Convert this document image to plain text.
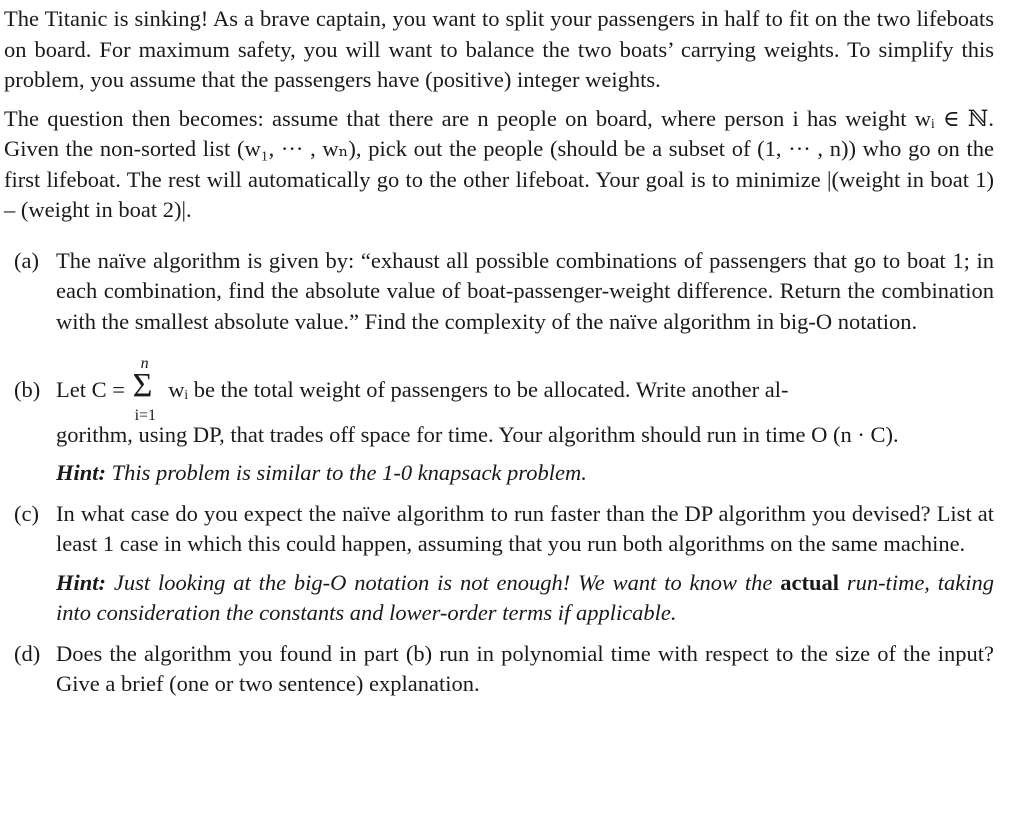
The Titanic is sinking! As a brave captain, you want to split your passengers in half to fit on the two lifeboats on board. For maximum safety, you will want to balance the two boats’ carrying weights. To simplify this problem, you assume that the passengers have (positive) integer weights.

The question then becomes: assume that there are n people on board, where person i has weight wᵢ ∈ ℕ. Given the non-sorted list (w₁, ··· , wₙ), pick out the people (should be a subset of (1, ··· , n)) who go on the first lifeboat. The rest will automatically go to the other lifeboat. Your goal is to minimize |(weight in boat 1) – (weight in boat 2)|.

(a) The naïve algorithm is given by: “exhaust all possible combinations of passengers that go to boat 1; in each combination, find the absolute value of boat-passenger-weight difference. Return the combination with the smallest absolute value.” Find the complexity of the naïve algorithm in big-O notation.

(b) Let C =
n
Σ
i=1
wᵢ be the total weight of passengers to be allocated. Write another al-

gorithm, using DP, that trades off space for time. Your algorithm should run in time O (n · C).

Hint: This problem is similar to the 1-0 knapsack problem.

(c) In what case do you expect the naïve algorithm to run faster than the DP algorithm you devised? List at least 1 case in which this could happen, assuming that you run both algorithms on the same machine.

Hint: Just looking at the big-O notation is not enough! We want to know the actual run-time, taking into consideration the constants and lower-order terms if applicable.

(d) Does the algorithm you found in part (b) run in polynomial time with respect to the size of the input? Give a brief (one or two sentence) explanation.
